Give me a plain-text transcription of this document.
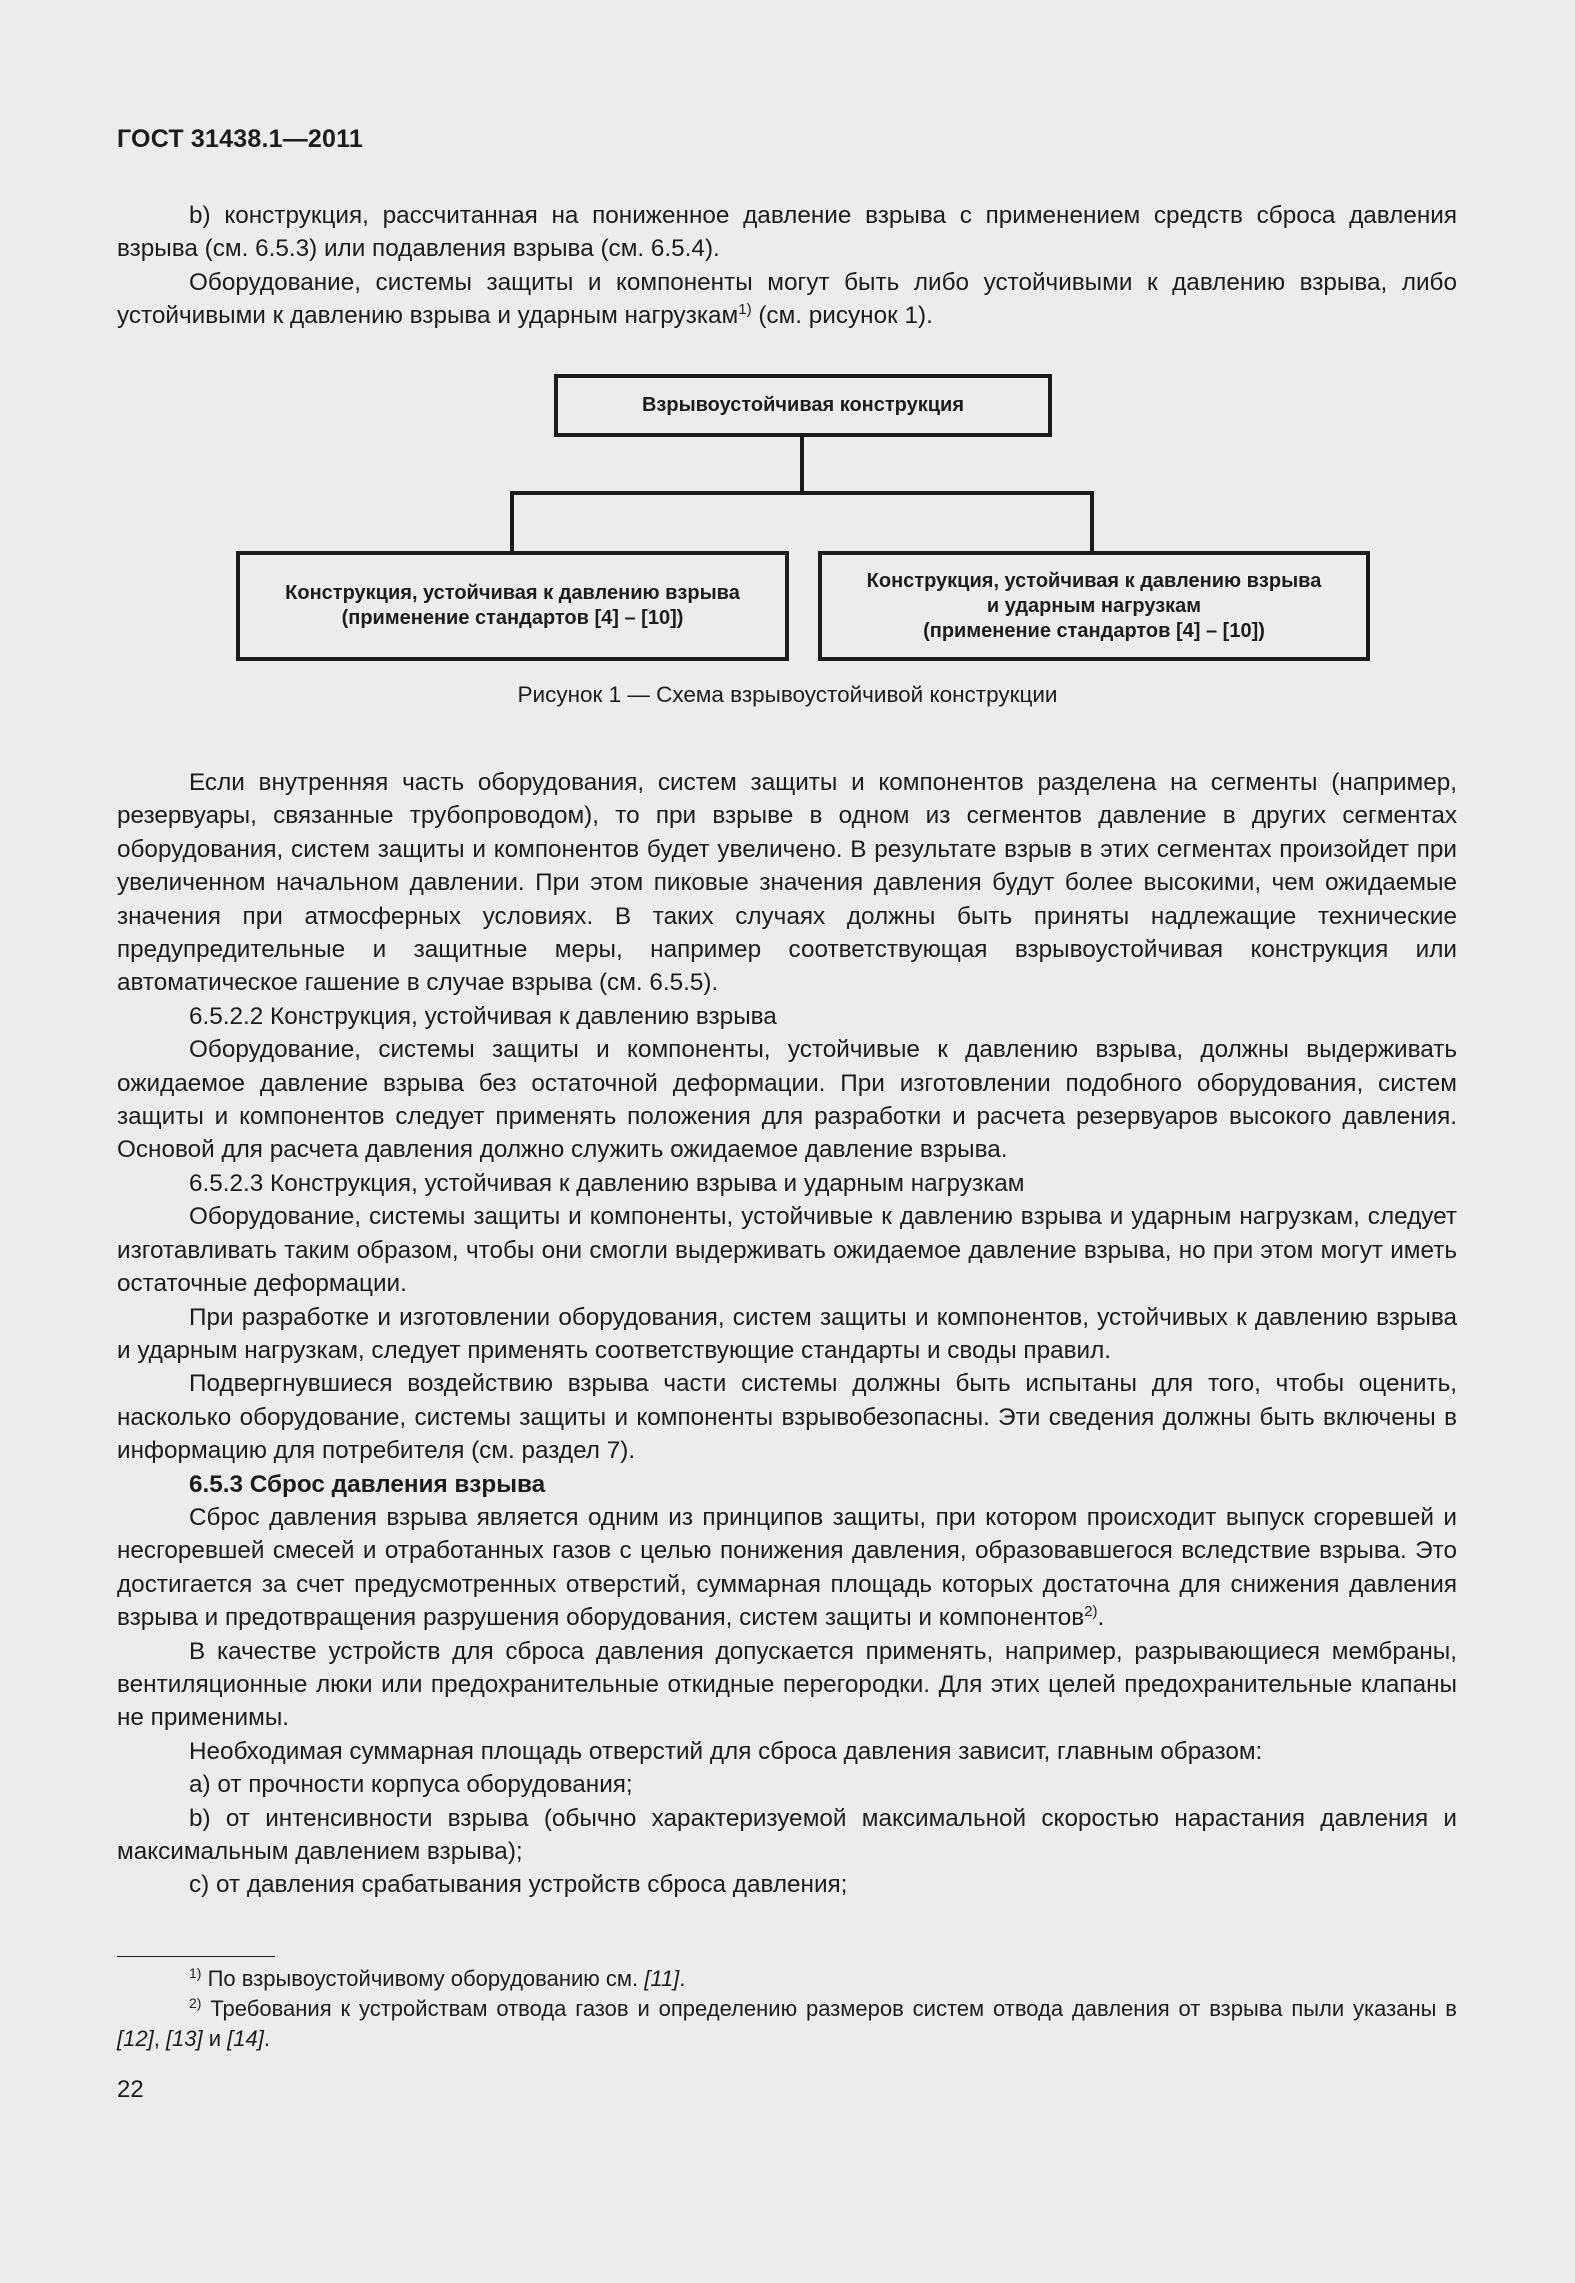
ГОСТ 31438.1—2011

b) конструкция, рассчитанная на пониженное давление взрыва с применением средств сброса давления взрыва (см. 6.5.3) или подавления взрыва (см. 6.5.4).

Оборудование, системы защиты и компоненты могут быть либо устойчивыми к давлению взрыва, либо устойчивыми к давлению взрыва и ударным нагрузкам$^{1)}$ (см. рисунок 1).

Взрывоустойчивая конструкция
Конструкция, устойчивая к давлению взрыва
(применение стандартов [4] – [10])
Конструкция, устойчивая к давлению взрыва
и ударным нагрузкам
(применение стандартов [4] – [10])
Рисунок 1 — Схема взрывоустойчивой конструкции

Если внутренняя часть оборудования, систем защиты и компонентов разделена на сегменты (например, резервуары, связанные трубопроводом), то при взрыве в одном из сегментов давление в других сегментах оборудования, систем защиты и компонентов будет увеличено. В результате взрыв в этих сегментах произойдет при увеличенном начальном давлении. При этом пиковые значения давления будут более высокими, чем ожидаемые значения при атмосферных условиях. В таких случаях должны быть приняты надлежащие технические предупредительные и защитные меры, например соответствующая взрывоустойчивая конструкция или автоматическое гашение в случае взрыва (см. 6.5.5).

6.5.2.2 Конструкция, устойчивая к давлению взрыва

Оборудование, системы защиты и компоненты, устойчивые к давлению взрыва, должны выдерживать ожидаемое давление взрыва без остаточной деформации. При изготовлении подобного оборудования, систем защиты и компонентов следует применять положения для разработки и расчета резервуаров высокого давления. Основой для расчета давления должно служить ожидаемое давление взрыва.

6.5.2.3 Конструкция, устойчивая к давлению взрыва и ударным нагрузкам

Оборудование, системы защиты и компоненты, устойчивые к давлению взрыва и ударным нагрузкам, следует изготавливать таким образом, чтобы они смогли выдерживать ожидаемое давление взрыва, но при этом могут иметь остаточные деформации.

При разработке и изготовлении оборудования, систем защиты и компонентов, устойчивых к давлению взрыва и ударным нагрузкам, следует применять соответствующие стандарты и своды правил.

Подвергнувшиеся воздействию взрыва части системы должны быть испытаны для того, чтобы оценить, насколько оборудование, системы защиты и компоненты взрывобезопасны. Эти сведения должны быть включены в информацию для потребителя (см. раздел 7).

6.5.3 Сброс давления взрыва

Сброс давления взрыва является одним из принципов защиты, при котором происходит выпуск сгоревшей и несгоревшей смесей и отработанных газов с целью понижения давления, образовавшегося вследствие взрыва. Это достигается за счет предусмотренных отверстий, суммарная площадь которых достаточна для снижения давления взрыва и предотвращения разрушения оборудования, систем защиты и компонентов$^{2)}$.

В качестве устройств для сброса давления допускается применять, например, разрывающиеся мембраны, вентиляционные люки или предохранительные откидные перегородки. Для этих целей предохранительные клапаны не применимы.

Необходимая суммарная площадь отверстий для сброса давления зависит, главным образом:

а) от прочности корпуса оборудования;

b) от интенсивности взрыва (обычно характеризуемой максимальной скоростью нарастания давления и максимальным давлением взрыва);

c) от давления срабатывания устройств сброса давления;

$^{1)}$ По взрывоустойчивому оборудованию см. [11].

$^{2)}$ Требования к устройствам отвода газов и определению размеров систем отвода давления от взрыва пыли указаны в [12], [13] и [14].

22
